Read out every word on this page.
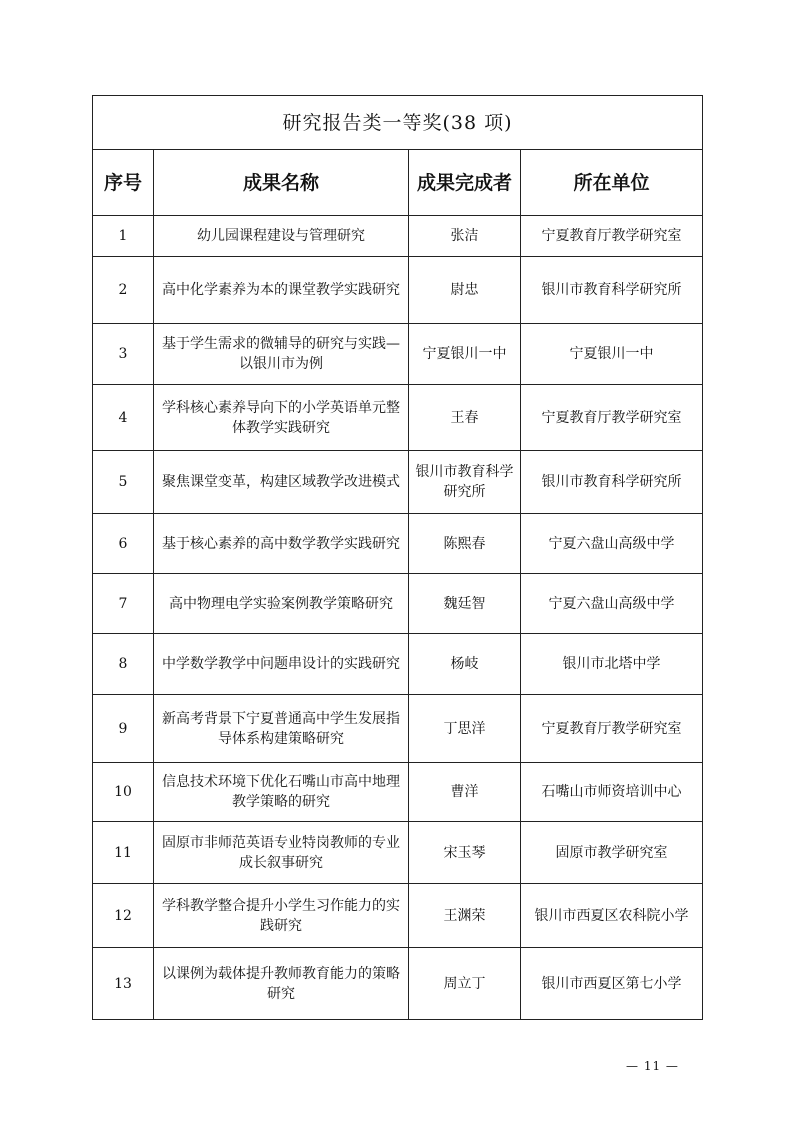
研究报告类一等奖(38 项)			
序号	成果名称	成果完成者	所在单位
1	幼儿园课程建设与管理研究	张洁	宁夏教育厅教学研究室
2	高中化学素养为本的课堂教学实践研究	尉忠	银川市教育科学研究所
3	基于学生需求的微辅导的研究与实践—以银川市为例	宁夏银川一中	宁夏银川一中
4	学科核心素养导向下的小学英语单元整体教学实践研究	王春	宁夏教育厅教学研究室
5	聚焦课堂变革，构建区域教学改进模式	银川市教育科学研究所	银川市教育科学研究所
6	基于核心素养的高中数学教学实践研究	陈熙春	宁夏六盘山高级中学
7	高中物理电学实验案例教学策略研究	魏廷智	宁夏六盘山高级中学
8	中学数学教学中问题串设计的实践研究	杨岐	银川市北塔中学
9	新高考背景下宁夏普通高中学生发展指导体系构建策略研究	丁思洋	宁夏教育厅教学研究室
10	信息技术环境下优化石嘴山市高中地理教学策略的研究	曹洋	石嘴山市师资培训中心
11	固原市非师范英语专业特岗教师的专业成长叙事研究	宋玉琴	固原市教学研究室
12	学科教学整合提升小学生习作能力的实践研究	王渊荣	银川市西夏区农科院小学
13	以课例为载体提升教师教育能力的策略研究	周立丁	银川市西夏区第七小学
— 11 —
